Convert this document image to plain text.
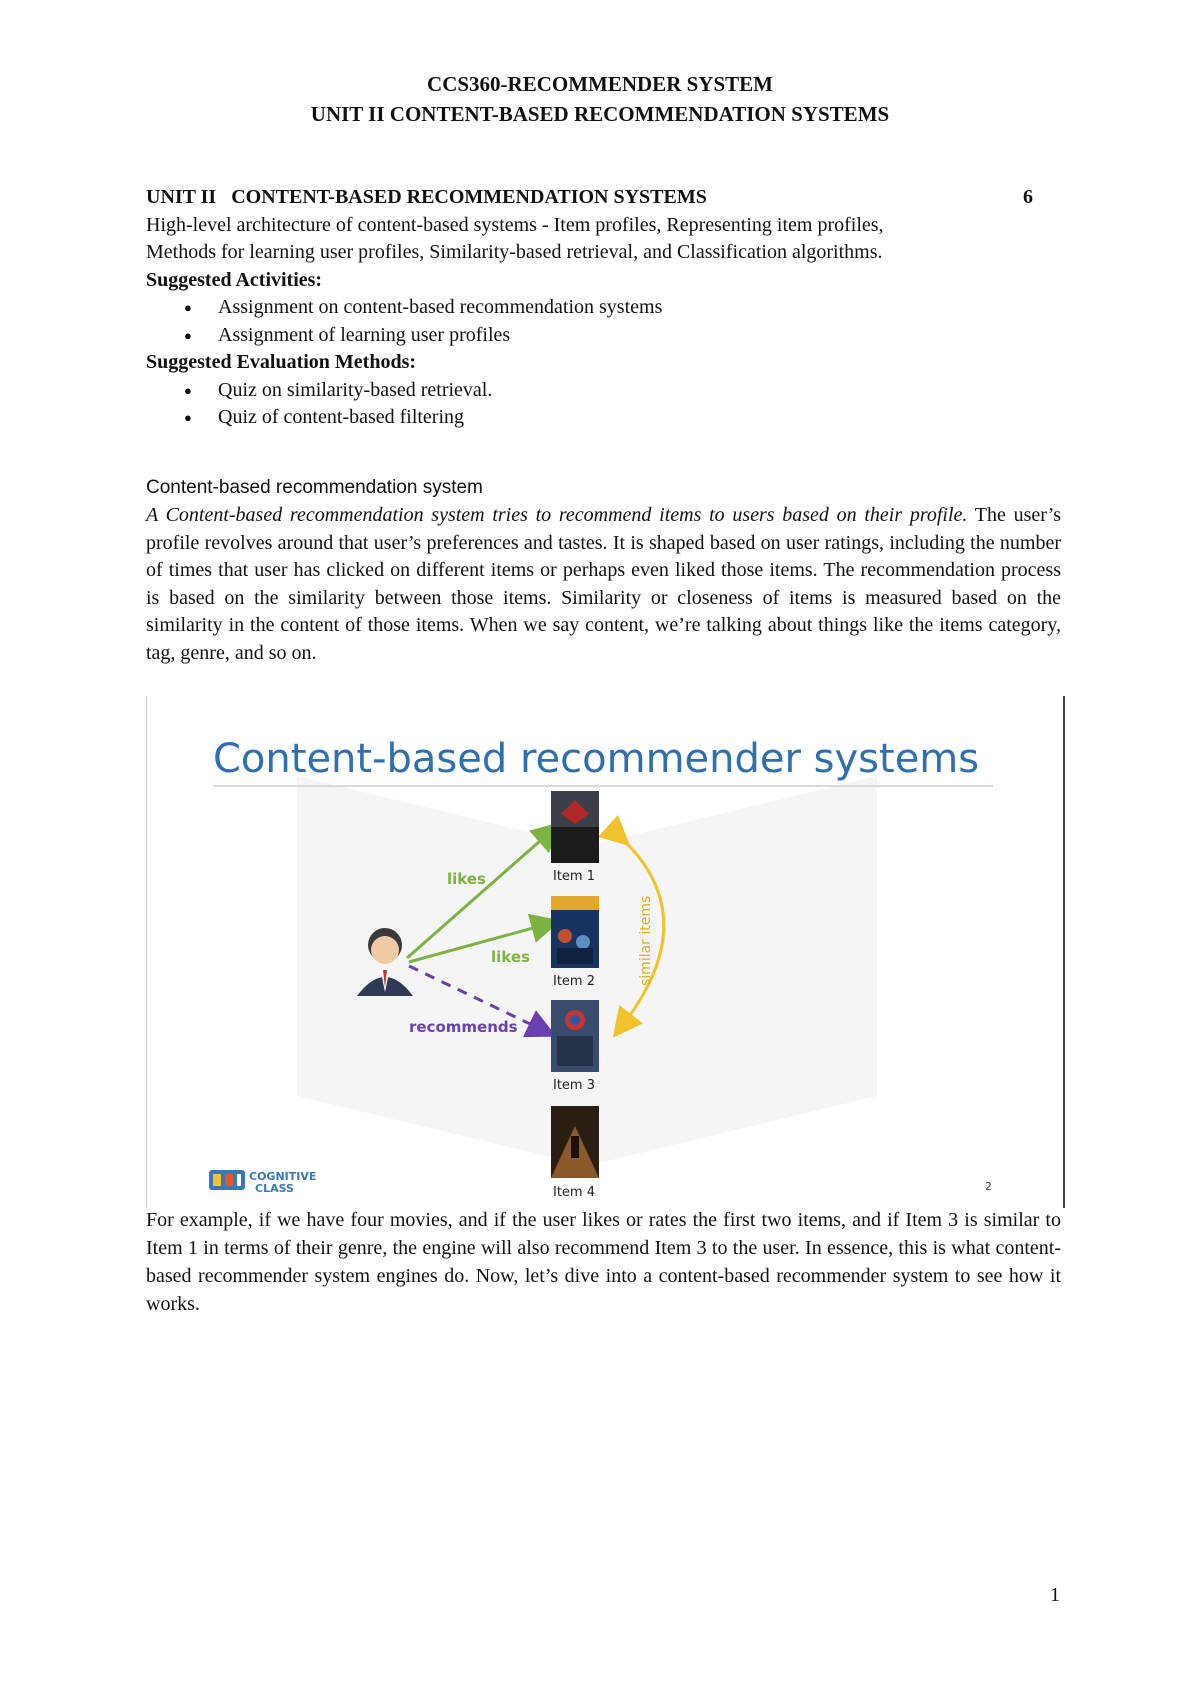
CCS360-RECOMMENDER SYSTEM
UNIT II CONTENT-BASED RECOMMENDATION SYSTEMS
UNIT II   CONTENT-BASED RECOMMENDATION SYSTEMS	6
High-level architecture of content-based systems - Item profiles, Representing item profiles,
Methods for learning user profiles, Similarity-based retrieval, and Classification algorithms.
Suggested Activities:
● Assignment on content-based recommendation systems
● Assignment of learning user profiles
Suggested Evaluation Methods:
● Quiz on similarity-based retrieval.
● Quiz of content-based filtering
Content-based recommendation system
A Content-based recommendation system tries to recommend items to users based on their profile. The user’s profile revolves around that user’s preferences and tastes. It is shaped based on user ratings, including the number of times that user has clicked on different items or perhaps even liked those items. The recommendation process is based on the similarity between those items. Similarity or closeness of items is measured based on the similarity in the content of those items. When we say content, we’re talking about things like the items category, tag, genre, and so on.
Content-based recommender systems
likes
likes
recommends
similar items
Item 1
Item 2
Item 3
Item 4
COGNITIVE
CLASS	2
For example, if we have four movies, and if the user likes or rates the first two items, and if Item 3 is similar to Item 1 in terms of their genre, the engine will also recommend Item 3 to the user. In essence, this is what content-based recommender system engines do. Now, let’s dive into a content-based recommender system to see how it works.
1
